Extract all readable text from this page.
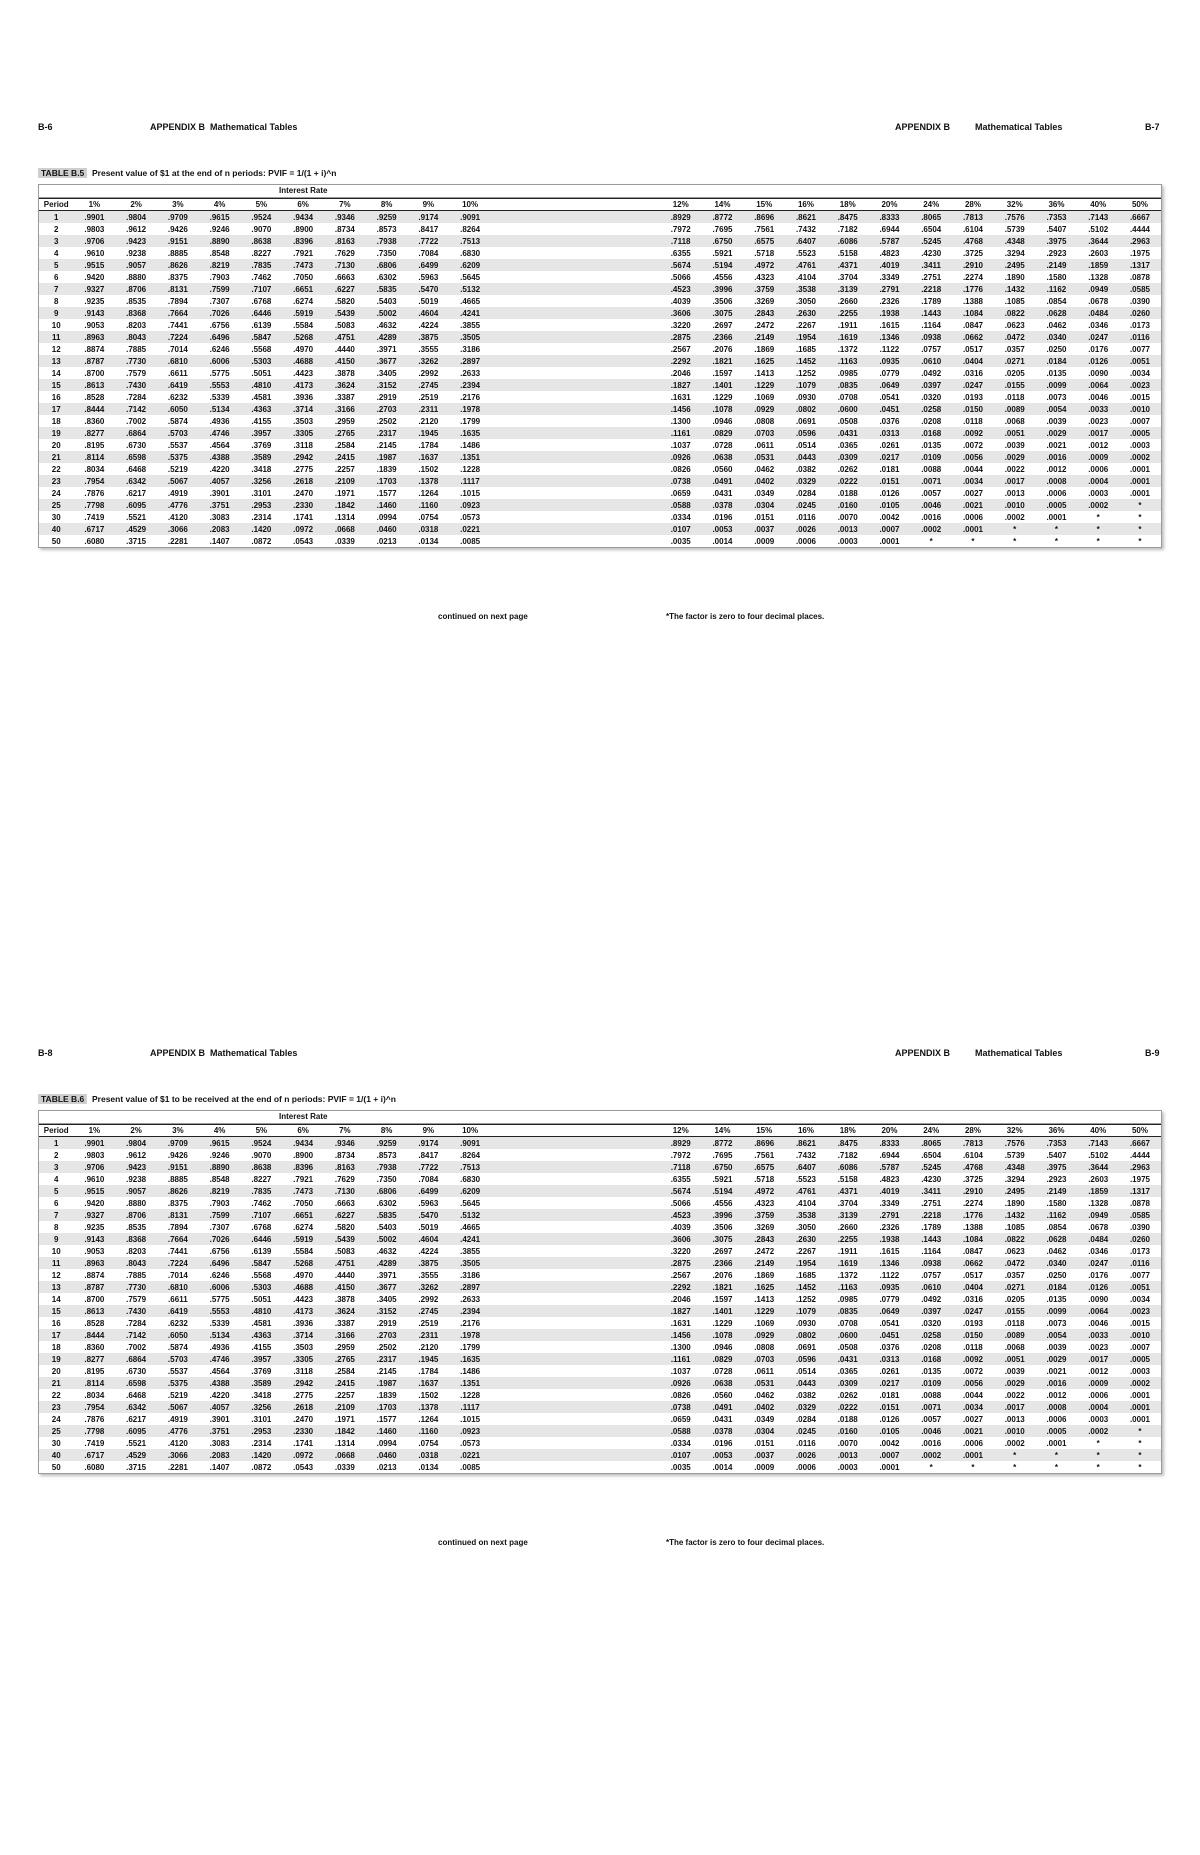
B-6	APPENDIX B Mathematical Tables	APPENDIX B	Mathematical Tables	B-7
TABLE B.5 Present value of $1 at the end of n periods: PVIF = 1/(1 + i)^n
Interest Rate
Period	1%	2%	3%	4%	5%	6%	7%	8%	9%	10%	12%	14%	15%	16%	18%	20%	24%	28%	32%	36%	40%	50%
1	.9901	.9804	.9709	.9615	.9524	.9434	.9346	.9259	.9174	.9091	.8929	.8772	.8696	.8621	.8475	.8333	.8065	.7813	.7576	.7353	.7143	.6667
2	.9803	.9612	.9426	.9246	.9070	.8900	.8734	.8573	.8417	.8264	.7972	.7695	.7561	.7432	.7182	.6944	.6504	.6104	.5739	.5407	.5102	.4444
3	.9706	.9423	.9151	.8890	.8638	.8396	.8163	.7938	.7722	.7513	.7118	.6750	.6575	.6407	.6086	.5787	.5245	.4768	.4348	.3975	.3644	.2963
4	.9610	.9238	.8885	.8548	.8227	.7921	.7629	.7350	.7084	.6830	.6355	.5921	.5718	.5523	.5158	.4823	.4230	.3725	.3294	.2923	.2603	.1975
5	.9515	.9057	.8626	.8219	.7835	.7473	.7130	.6806	.6499	.6209	.5674	.5194	.4972	.4761	.4371	.4019	.3411	.2910	.2495	.2149	.1859	.1317
6	.9420	.8880	.8375	.7903	.7462	.7050	.6663	.6302	.5963	.5645	.5066	.4556	.4323	.4104	.3704	.3349	.2751	.2274	.1890	.1580	.1328	.0878
7	.9327	.8706	.8131	.7599	.7107	.6651	.6227	.5835	.5470	.5132	.4523	.3996	.3759	.3538	.3139	.2791	.2218	.1776	.1432	.1162	.0949	.0585
8	.9235	.8535	.7894	.7307	.6768	.6274	.5820	.5403	.5019	.4665	.4039	.3506	.3269	.3050	.2660	.2326	.1789	.1388	.1085	.0854	.0678	.0390
9	.9143	.8368	.7664	.7026	.6446	.5919	.5439	.5002	.4604	.4241	.3606	.3075	.2843	.2630	.2255	.1938	.1443	.1084	.0822	.0628	.0484	.0260
10	.9053	.8203	.7441	.6756	.6139	.5584	.5083	.4632	.4224	.3855	.3220	.2697	.2472	.2267	.1911	.1615	.1164	.0847	.0623	.0462	.0346	.0173
11	.8963	.8043	.7224	.6496	.5847	.5268	.4751	.4289	.3875	.3505	.2875	.2366	.2149	.1954	.1619	.1346	.0938	.0662	.0472	.0340	.0247	.0116
12	.8874	.7885	.7014	.6246	.5568	.4970	.4440	.3971	.3555	.3186	.2567	.2076	.1869	.1685	.1372	.1122	.0757	.0517	.0357	.0250	.0176	.0077
13	.8787	.7730	.6810	.6006	.5303	.4688	.4150	.3677	.3262	.2897	.2292	.1821	.1625	.1452	.1163	.0935	.0610	.0404	.0271	.0184	.0126	.0051
14	.8700	.7579	.6611	.5775	.5051	.4423	.3878	.3405	.2992	.2633	.2046	.1597	.1413	.1252	.0985	.0779	.0492	.0316	.0205	.0135	.0090	.0034
15	.8613	.7430	.6419	.5553	.4810	.4173	.3624	.3152	.2745	.2394	.1827	.1401	.1229	.1079	.0835	.0649	.0397	.0247	.0155	.0099	.0064	.0023
16	.8528	.7284	.6232	.5339	.4581	.3936	.3387	.2919	.2519	.2176	.1631	.1229	.1069	.0930	.0708	.0541	.0320	.0193	.0118	.0073	.0046	.0015
17	.8444	.7142	.6050	.5134	.4363	.3714	.3166	.2703	.2311	.1978	.1456	.1078	.0929	.0802	.0600	.0451	.0258	.0150	.0089	.0054	.0033	.0010
18	.8360	.7002	.5874	.4936	.4155	.3503	.2959	.2502	.2120	.1799	.1300	.0946	.0808	.0691	.0508	.0376	.0208	.0118	.0068	.0039	.0023	.0007
19	.8277	.6864	.5703	.4746	.3957	.3305	.2765	.2317	.1945	.1635	.1161	.0829	.0703	.0596	.0431	.0313	.0168	.0092	.0051	.0029	.0017	.0005
20	.8195	.6730	.5537	.4564	.3769	.3118	.2584	.2145	.1784	.1486	.1037	.0728	.0611	.0514	.0365	.0261	.0135	.0072	.0039	.0021	.0012	.0003
21	.8114	.6598	.5375	.4388	.3589	.2942	.2415	.1987	.1637	.1351	.0926	.0638	.0531	.0443	.0309	.0217	.0109	.0056	.0029	.0016	.0009	.0002
22	.8034	.6468	.5219	.4220	.3418	.2775	.2257	.1839	.1502	.1228	.0826	.0560	.0462	.0382	.0262	.0181	.0088	.0044	.0022	.0012	.0006	.0001
23	.7954	.6342	.5067	.4057	.3256	.2618	.2109	.1703	.1378	.1117	.0738	.0491	.0402	.0329	.0222	.0151	.0071	.0034	.0017	.0008	.0004	.0001
24	.7876	.6217	.4919	.3901	.3101	.2470	.1971	.1577	.1264	.1015	.0659	.0431	.0349	.0284	.0188	.0126	.0057	.0027	.0013	.0006	.0003	.0001
25	.7798	.6095	.4776	.3751	.2953	.2330	.1842	.1460	.1160	.0923	.0588	.0378	.0304	.0245	.0160	.0105	.0046	.0021	.0010	.0005	.0002	*
30	.7419	.5521	.4120	.3083	.2314	.1741	.1314	.0994	.0754	.0573	.0334	.0196	.0151	.0116	.0070	.0042	.0016	.0006	.0002	.0001	*	*
40	.6717	.4529	.3066	.2083	.1420	.0972	.0668	.0460	.0318	.0221	.0107	.0053	.0037	.0026	.0013	.0007	.0002	.0001	*	*	*	*
50	.6080	.3715	.2281	.1407	.0872	.0543	.0339	.0213	.0134	.0085	.0035	.0014	.0009	.0006	.0003	.0001	*	*	*	*	*	*
continued on next page	*The factor is zero to four decimal places.
B-8	APPENDIX B Mathematical Tables	APPENDIX B	Mathematical Tables	B-9
TABLE B.6 Present value of $1 to be received at the end of n periods: PVIF = 1/(1 + i)^n
Interest Rate
Period	1%	2%	3%	4%	5%	6%	7%	8%	9%	10%	12%	14%	15%	16%	18%	20%	24%	28%	32%	36%	40%	50%
1	.9901	.9804	.9709	.9615	.9524	.9434	.9346	.9259	.9174	.9091	.8929	.8772	.8696	.8621	.8475	.8333	.8065	.7813	.7576	.7353	.7143	.6667
2	.9803	.9612	.9426	.9246	.9070	.8900	.8734	.8573	.8417	.8264	.7972	.7695	.7561	.7432	.7182	.6944	.6504	.6104	.5739	.5407	.5102	.4444
3	.9706	.9423	.9151	.8890	.8638	.8396	.8163	.7938	.7722	.7513	.7118	.6750	.6575	.6407	.6086	.5787	.5245	.4768	.4348	.3975	.3644	.2963
4	.9610	.9238	.8885	.8548	.8227	.7921	.7629	.7350	.7084	.6830	.6355	.5921	.5718	.5523	.5158	.4823	.4230	.3725	.3294	.2923	.2603	.1975
5	.9515	.9057	.8626	.8219	.7835	.7473	.7130	.6806	.6499	.6209	.5674	.5194	.4972	.4761	.4371	.4019	.3411	.2910	.2495	.2149	.1859	.1317
6	.9420	.8880	.8375	.7903	.7462	.7050	.6663	.6302	.5963	.5645	.5066	.4556	.4323	.4104	.3704	.3349	.2751	.2274	.1890	.1580	.1328	.0878
7	.9327	.8706	.8131	.7599	.7107	.6651	.6227	.5835	.5470	.5132	.4523	.3996	.3759	.3538	.3139	.2791	.2218	.1776	.1432	.1162	.0949	.0585
8	.9235	.8535	.7894	.7307	.6768	.6274	.5820	.5403	.5019	.4665	.4039	.3506	.3269	.3050	.2660	.2326	.1789	.1388	.1085	.0854	.0678	.0390
9	.9143	.8368	.7664	.7026	.6446	.5919	.5439	.5002	.4604	.4241	.3606	.3075	.2843	.2630	.2255	.1938	.1443	.1084	.0822	.0628	.0484	.0260
10	.9053	.8203	.7441	.6756	.6139	.5584	.5083	.4632	.4224	.3855	.3220	.2697	.2472	.2267	.1911	.1615	.1164	.0847	.0623	.0462	.0346	.0173
11	.8963	.8043	.7224	.6496	.5847	.5268	.4751	.4289	.3875	.3505	.2875	.2366	.2149	.1954	.1619	.1346	.0938	.0662	.0472	.0340	.0247	.0116
12	.8874	.7885	.7014	.6246	.5568	.4970	.4440	.3971	.3555	.3186	.2567	.2076	.1869	.1685	.1372	.1122	.0757	.0517	.0357	.0250	.0176	.0077
13	.8787	.7730	.6810	.6006	.5303	.4688	.4150	.3677	.3262	.2897	.2292	.1821	.1625	.1452	.1163	.0935	.0610	.0404	.0271	.0184	.0126	.0051
14	.8700	.7579	.6611	.5775	.5051	.4423	.3878	.3405	.2992	.2633	.2046	.1597	.1413	.1252	.0985	.0779	.0492	.0316	.0205	.0135	.0090	.0034
15	.8613	.7430	.6419	.5553	.4810	.4173	.3624	.3152	.2745	.2394	.1827	.1401	.1229	.1079	.0835	.0649	.0397	.0247	.0155	.0099	.0064	.0023
16	.8528	.7284	.6232	.5339	.4581	.3936	.3387	.2919	.2519	.2176	.1631	.1229	.1069	.0930	.0708	.0541	.0320	.0193	.0118	.0073	.0046	.0015
17	.8444	.7142	.6050	.5134	.4363	.3714	.3166	.2703	.2311	.1978	.1456	.1078	.0929	.0802	.0600	.0451	.0258	.0150	.0089	.0054	.0033	.0010
18	.8360	.7002	.5874	.4936	.4155	.3503	.2959	.2502	.2120	.1799	.1300	.0946	.0808	.0691	.0508	.0376	.0208	.0118	.0068	.0039	.0023	.0007
19	.8277	.6864	.5703	.4746	.3957	.3305	.2765	.2317	.1945	.1635	.1161	.0829	.0703	.0596	.0431	.0313	.0168	.0092	.0051	.0029	.0017	.0005
20	.8195	.6730	.5537	.4564	.3769	.3118	.2584	.2145	.1784	.1486	.1037	.0728	.0611	.0514	.0365	.0261	.0135	.0072	.0039	.0021	.0012	.0003
21	.8114	.6598	.5375	.4388	.3589	.2942	.2415	.1987	.1637	.1351	.0926	.0638	.0531	.0443	.0309	.0217	.0109	.0056	.0029	.0016	.0009	.0002
22	.8034	.6468	.5219	.4220	.3418	.2775	.2257	.1839	.1502	.1228	.0826	.0560	.0462	.0382	.0262	.0181	.0088	.0044	.0022	.0012	.0006	.0001
23	.7954	.6342	.5067	.4057	.3256	.2618	.2109	.1703	.1378	.1117	.0738	.0491	.0402	.0329	.0222	.0151	.0071	.0034	.0017	.0008	.0004	.0001
24	.7876	.6217	.4919	.3901	.3101	.2470	.1971	.1577	.1264	.1015	.0659	.0431	.0349	.0284	.0188	.0126	.0057	.0027	.0013	.0006	.0003	.0001
25	.7798	.6095	.4776	.3751	.2953	.2330	.1842	.1460	.1160	.0923	.0588	.0378	.0304	.0245	.0160	.0105	.0046	.0021	.0010	.0005	.0002	*
30	.7419	.5521	.4120	.3083	.2314	.1741	.1314	.0994	.0754	.0573	.0334	.0196	.0151	.0116	.0070	.0042	.0016	.0006	.0002	.0001	*	*
40	.6717	.4529	.3066	.2083	.1420	.0972	.0668	.0460	.0318	.0221	.0107	.0053	.0037	.0026	.0013	.0007	.0002	.0001	*	*	*	*
50	.6080	.3715	.2281	.1407	.0872	.0543	.0339	.0213	.0134	.0085	.0035	.0014	.0009	.0006	.0003	.0001	*	*	*	*	*	*
continued on next page	*The factor is zero to four decimal places.
